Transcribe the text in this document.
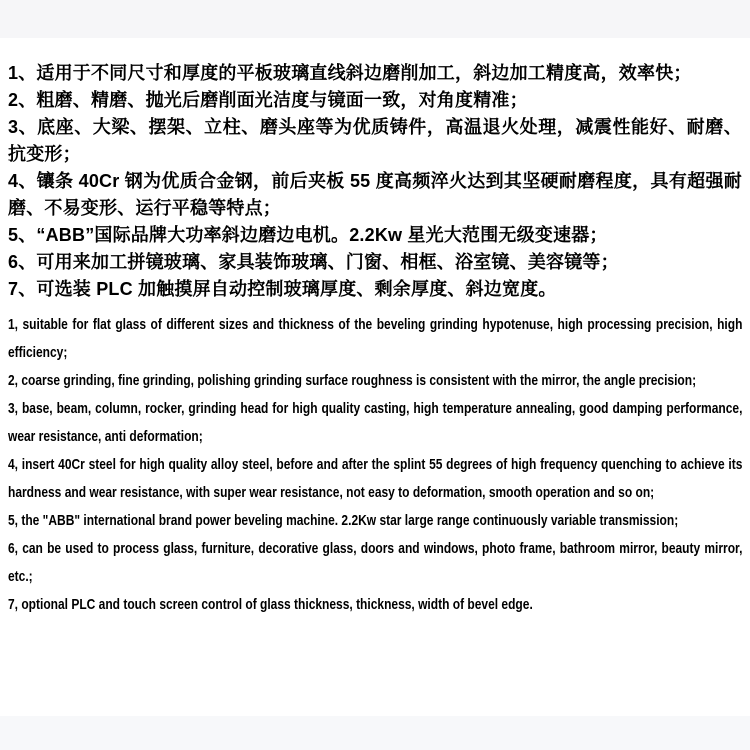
1、适用于不同尺寸和厚度的平板玻璃直线斜边磨削加工，斜边加工精度高，效率快；

2、粗磨、精磨、抛光后磨削面光洁度与镜面一致，对角度精准；

3、底座、大梁、摆架、立柱、磨头座等为优质铸件，高温退火处理，减震性能好、耐磨、抗变形；

4、镶条 40Cr 钢为优质合金钢，前后夹板 55 度高频淬火达到其坚硬耐磨程度，具有超强耐磨、不易变形、运行平稳等特点；

5、“ABB”国际品牌大功率斜边磨边电机。2.2Kw 星光大范围无级变速器；

6、可用来加工拼镜玻璃、家具装饰玻璃、门窗、相框、浴室镜、美容镜等；

7、可选装 PLC 加触摸屏自动控制玻璃厚度、剩余厚度、斜边宽度。

1, suitable for flat glass of different sizes and thickness of the beveling grinding hypotenuse, high processing precision, high efficiency;

2, coarse grinding, fine grinding, polishing grinding surface roughness is consistent with the mirror, the angle precision;

3, base, beam, column, rocker, grinding head for high quality casting, high temperature annealing, good damping performance, wear resistance, anti deformation;

4, insert 40Cr steel for high quality alloy steel, before and after the splint 55 degrees of high frequency quenching to achieve its hardness and wear resistance, with super wear resistance, not easy to deformation, smooth operation and so on;

5, the "ABB" international brand power beveling machine. 2.2Kw star large range continuously variable transmission;

6, can be used to process glass, furniture, decorative glass, doors and windows, photo frame, bathroom mirror, beauty mirror, etc.;

7, optional PLC and touch screen control of glass thickness, thickness, width of bevel edge.
